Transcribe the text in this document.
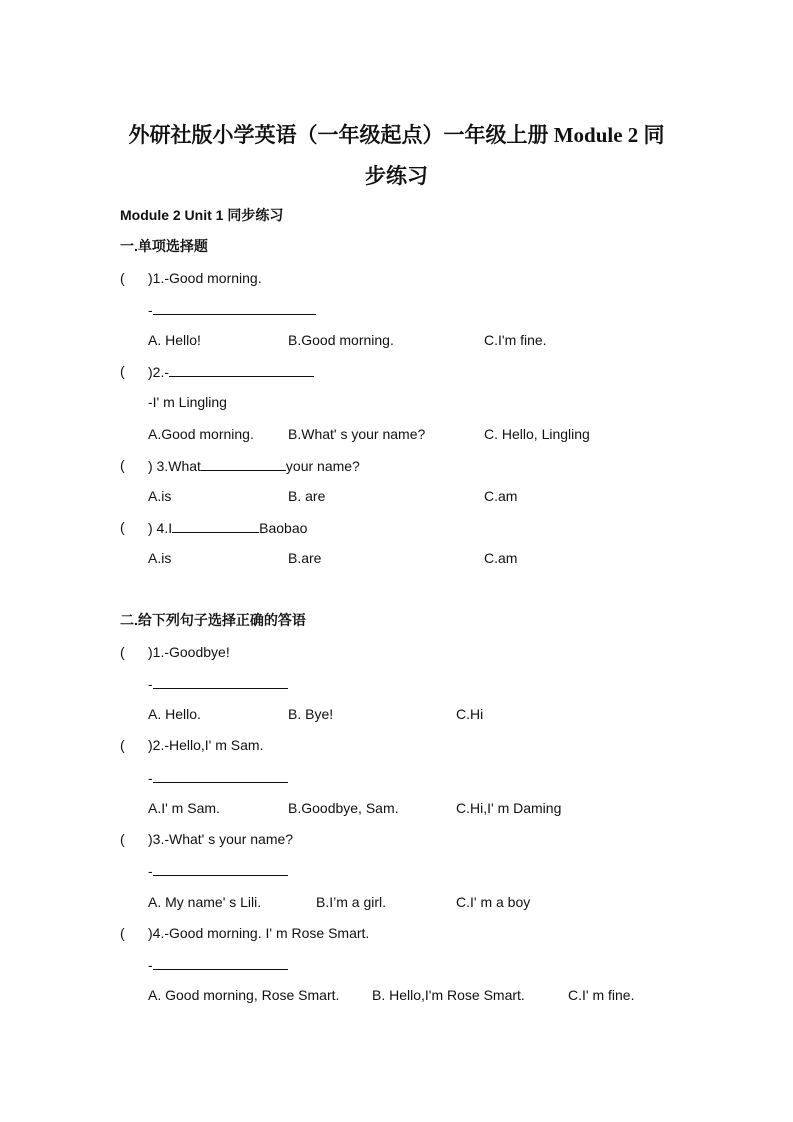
外研社版小学英语（一年级起点）一年级上册 Module 2 同
步练习
Module 2 Unit 1 同步练习
一.单项选择题
( )1.-Good morning.
-
A. Hello!	B.Good morning.	C.I'm fine.
( )2.-
-I' m Lingling
A.Good morning. B.What' s your name?	C. Hello, Lingling
( ) 3.What	your name?
A.is	B. are	C.am
( ) 4.I	Baobao
A.is	B.are	C.am
二.给下列句子选择正确的答语
( )1.-Goodbye!
-
A. Hello.	B. Bye!	C.Hi
( )2.-Hello,I' m Sam.
-
A.I' m Sam.	B.Goodbye, Sam.	C.Hi,I' m Daming
( )3.-What' s your name?
-
A. My name' s Lili.	B.I’m a girl.	C.I' m a boy
( )4.-Good morning. I' m Rose Smart.
-
A. Good morning, Rose Smart. B. Hello,I'm Rose Smart.	C.I' m fine.
